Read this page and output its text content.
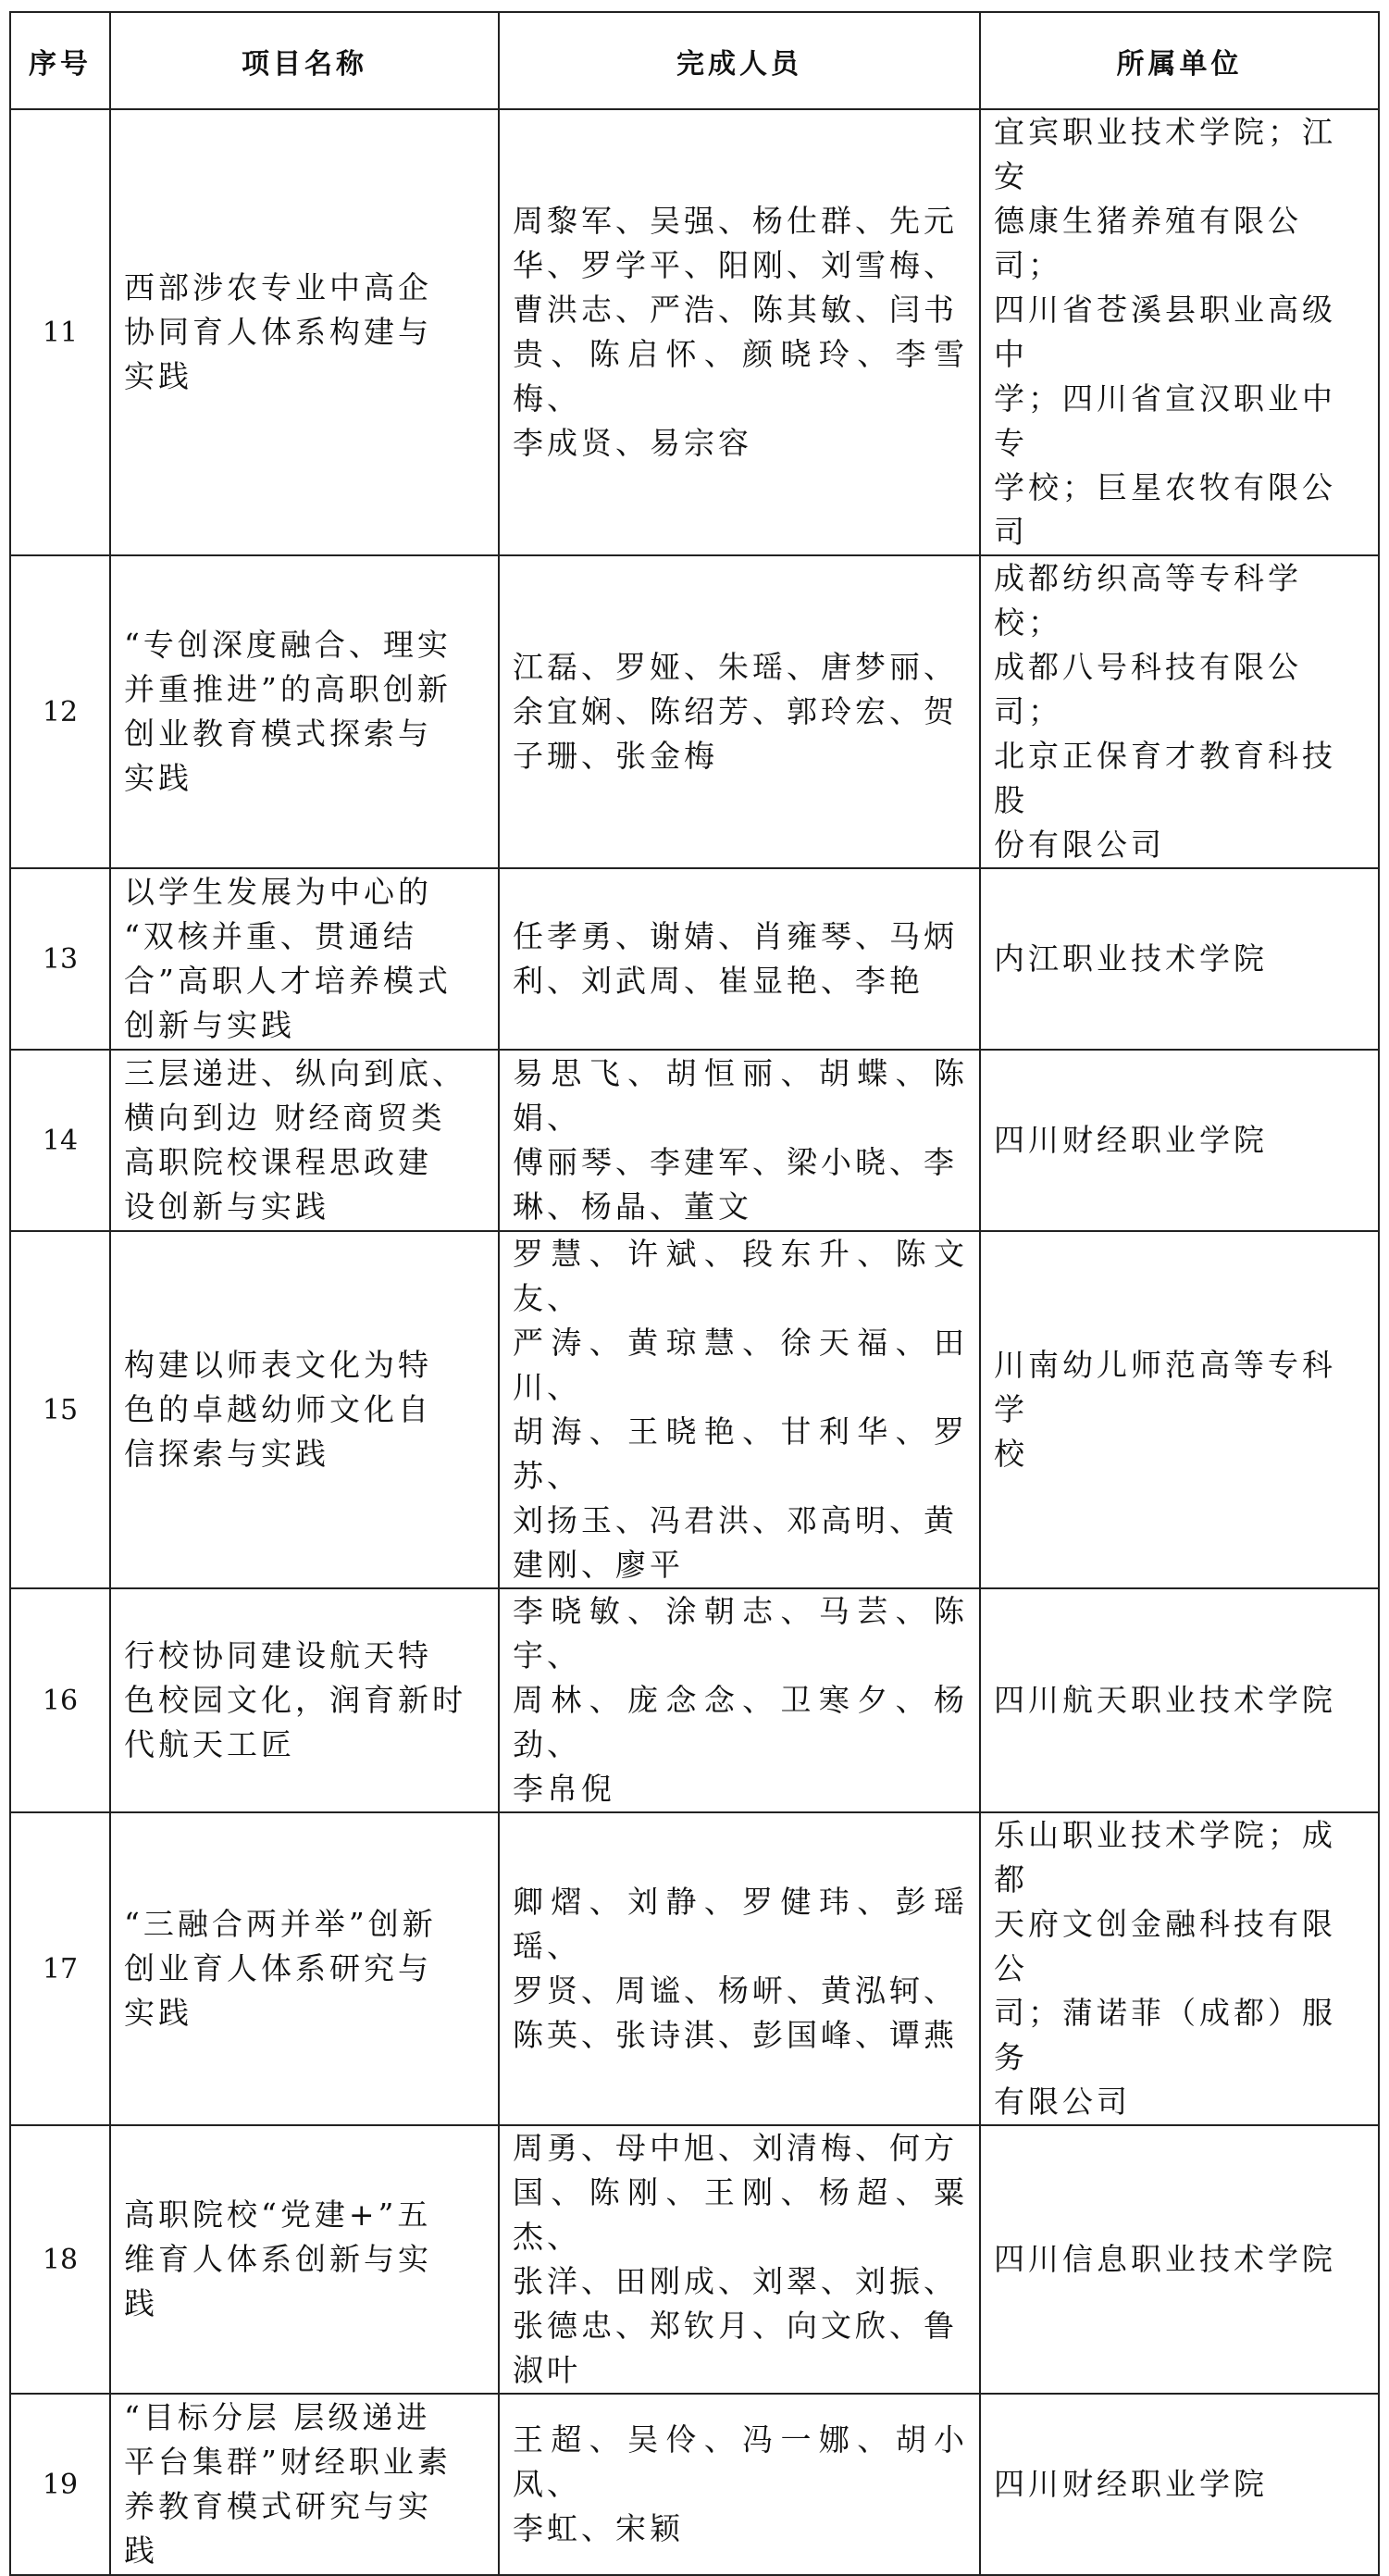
序号	项目名称	完成人员	所属单位
11	西部涉农专业中高企
协同育人体系构建与
实践	周黎军、吴强、杨仕群、先元
华、罗学平、阳刚、刘雪梅、
曹洪志、严浩、陈其敏、闫书
贵、陈启怀、颜晓玲、李雪梅、
李成贤、易宗容	宜宾职业技术学院；江安
德康生猪养殖有限公司；
四川省苍溪县职业高级中
学；四川省宣汉职业中专
学校；巨星农牧有限公司

12	“专创深度融合、理实
并重推进”的高职创新
创业教育模式探索与
实践	江磊、罗娅、朱瑶、唐梦丽、
余宜娴、陈绍芳、郭玲宏、贺
子珊、张金梅	成都纺织高等专科学校；
成都八号科技有限公司；
北京正保育才教育科技股
份有限公司

13	以学生发展为中心的
“双核并重、贯通结
合”高职人才培养模式
创新与实践	任孝勇、谢婧、肖雍琴、马炳
利、刘武周、崔显艳、李艳	内江职业技术学院

14	三层递进、纵向到底、
横向到边 财经商贸类
高职院校课程思政建
设创新与实践	易思飞、胡恒丽、胡蝶、陈娟、
傅丽琴、李建军、梁小晓、李
琳、杨晶、董文	四川财经职业学院

15	构建以师表文化为特
色的卓越幼师文化自
信探索与实践	罗慧、许斌、段东升、陈文友、
严涛、黄琼慧、徐天福、田川、
胡海、王晓艳、甘利华、罗苏、
刘扬玉、冯君洪、邓高明、黄
建刚、廖平	川南幼儿师范高等专科学
校

16	行校协同建设航天特
色校园文化，润育新时
代航天工匠	李晓敏、涂朝志、马芸、陈宇、
周林、庞念念、卫寒夕、杨劲、
李帛倪	四川航天职业技术学院

17	“三融合两并举”创新
创业育人体系研究与
实践	卿熠、刘静、罗健玮、彭瑶瑶、
罗贤、周谧、杨岍、黄泓轲、
陈英、张诗淇、彭国峰、谭燕	乐山职业技术学院；成都
天府文创金融科技有限公
司；蒲诺菲（成都）服务
有限公司

18	高职院校“党建+”五
维育人体系创新与实
践	周勇、母中旭、刘清梅、何方
国、陈刚、王刚、杨超、粟杰、
张洋、田刚成、刘翠、刘振、
张德忠、郑钦月、向文欣、鲁
淑叶	四川信息职业技术学院

19	“目标分层 层级递进
平台集群”财经职业素
养教育模式研究与实
践	王超、吴伶、冯一娜、胡小凤、
李虹、宋颖	四川财经职业学院
